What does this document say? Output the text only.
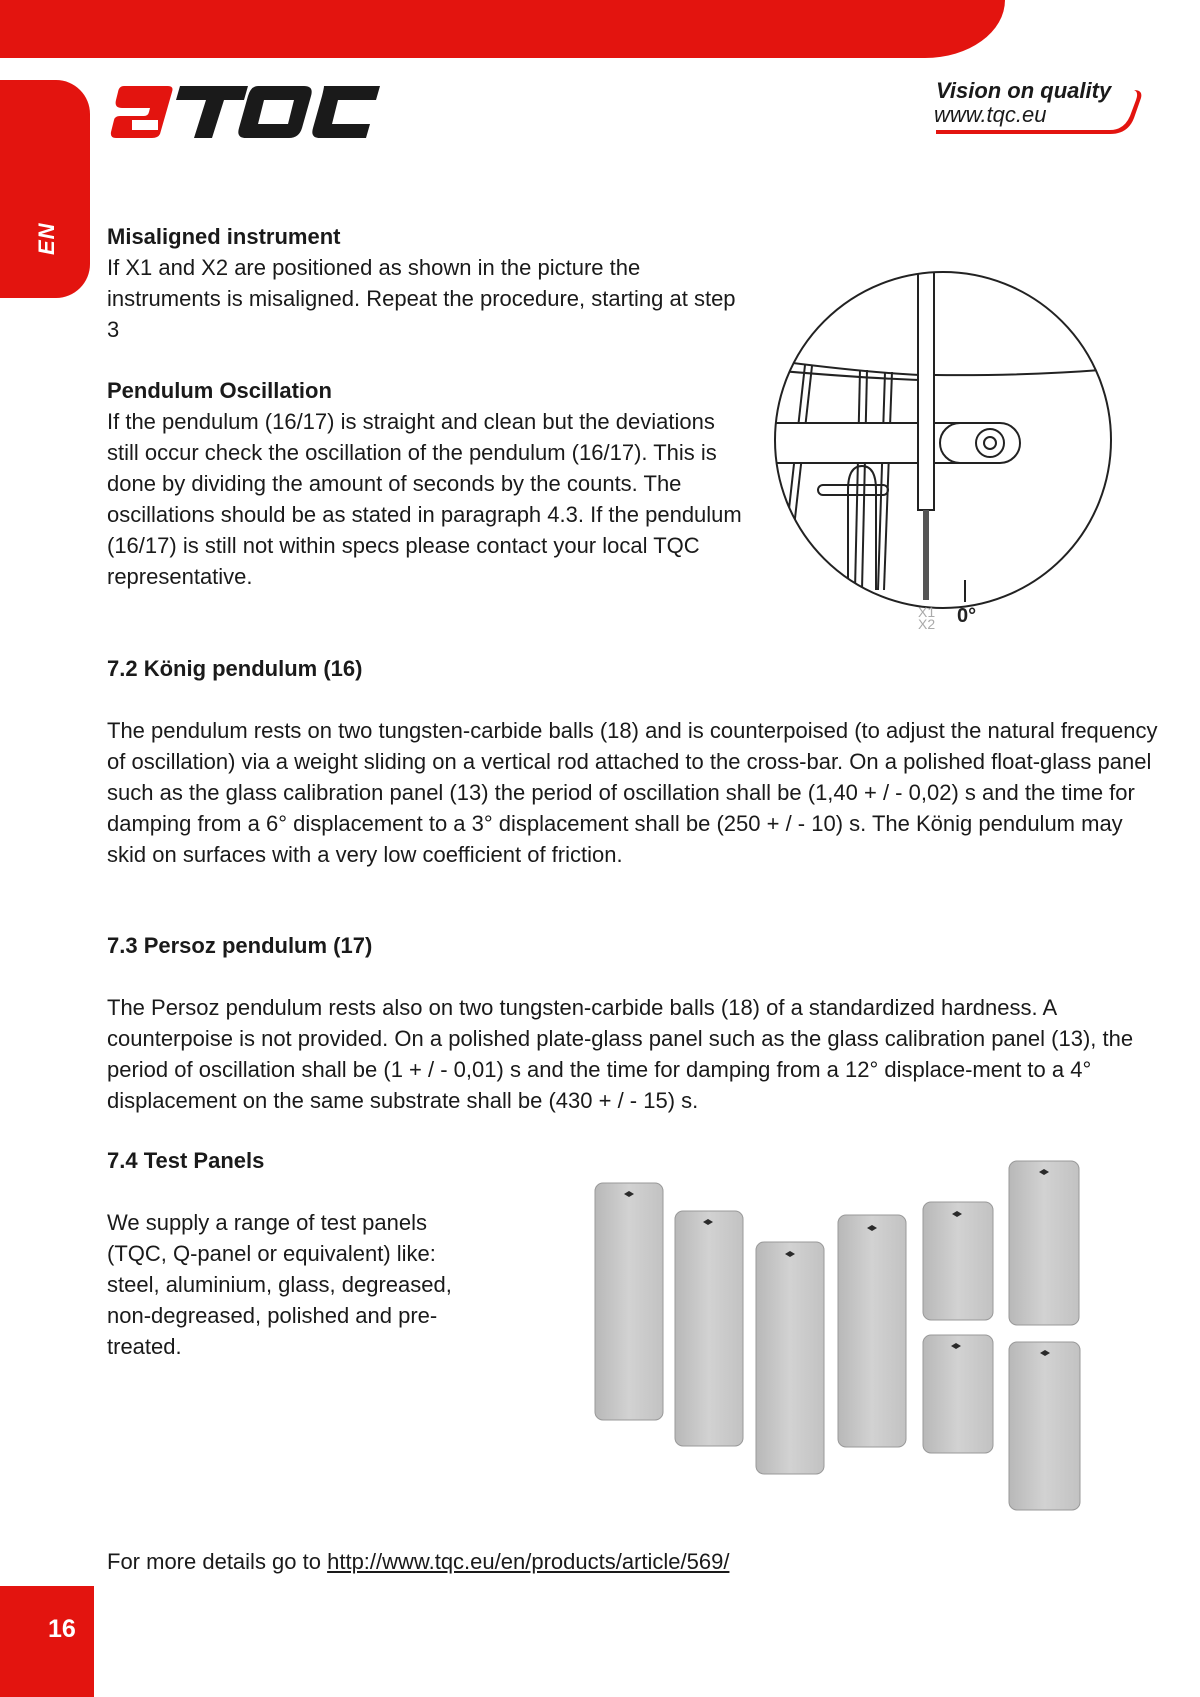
EN
Vision on quality
www.tqc.eu

Misaligned instrument

If X1 and X2 are positioned as shown in the picture the instruments is misaligned. Repeat the procedure, starting at step 3

Pendulum Oscillation

If the pendulum (16/17) is straight and clean but the deviations still occur check the oscillation of the pendulum (16/17). This is done by dividing the amount of seconds by the counts. The oscillations should be as stated in paragraph 4.3. If the pendulum (16/17) is still not within specs please contact your local TQC representative.

X1
X2 0°

7.2 König pendulum (16)

The pendulum rests on two tungsten-carbide balls (18) and is counterpoised (to adjust the natural frequency of oscillation) via a weight sliding on a vertical rod attached to the cross-bar. On a polished float-glass panel such as the glass calibration panel (13) the period of oscillation shall be (1,40 + / - 0,02) s and the time for damping from a 6° displacement to a 3° displacement shall be (250 + / - 10) s. The König pendulum may skid on surfaces with a very low coefficient of friction.

7.3 Persoz pendulum (17)

The Persoz pendulum rests also on two tungsten-carbide balls (18) of a standardized hardness. A counterpoise is not provided. On a polished plate-glass panel such as the glass calibration panel (13), the period of oscillation shall be (1 + / - 0,01) s and the time for damping from a 12° displace-ment to a 4° displacement on the same substrate shall be (430 + / - 15) s.

7.4 Test Panels

We supply a range of test panels (TQC, Q-panel or equivalent) like: steel, aluminium, glass, degreased, non-degreased, polished and pre-treated.

For more details go to http://www.tqc.eu/en/products/article/569/
16
